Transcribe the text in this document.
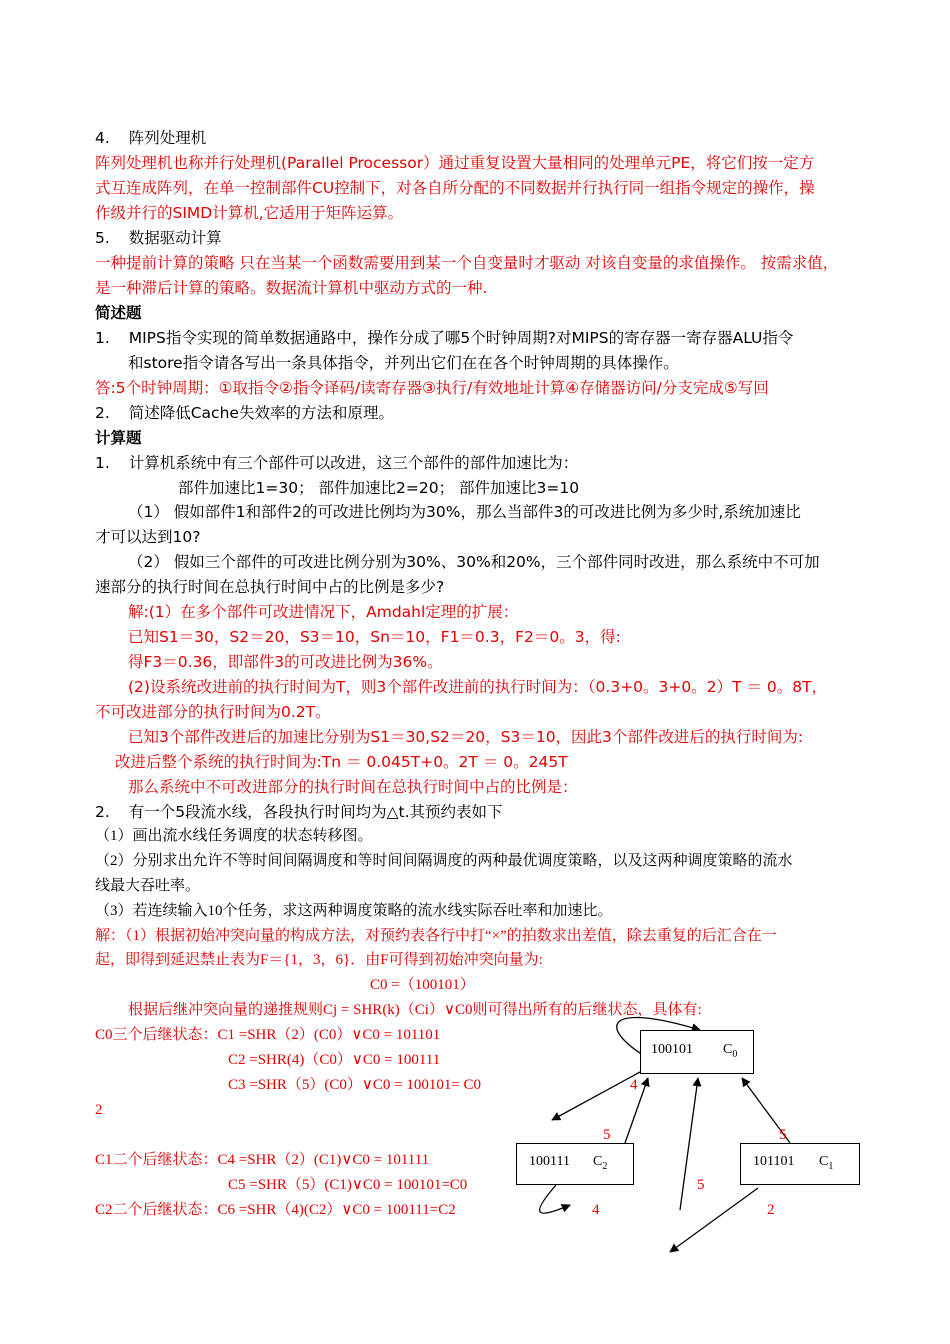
4. 阵列处理机
阵列处理机也称并行处理机(Parallel Processor）通过重复设置大量相同的处理单元PE，将它们按一定方
式互连成阵列，在单一控制部件CU控制下，对各自所分配的不同数据并行执行同一组指令规定的操作，操
作级并行的SIMD计算机,它适用于矩阵运算。
5. 数据驱动计算
一种提前计算的策略 只在当某一个函数需要用到某一个自变量时才驱动 对该自变量的求值操作。 按需求值，
是一种滞后计算的策略。数据流计算机中驱动方式的一种.
简述题
1. MIPS指令实现的简单数据通路中，操作分成了哪5个时钟周期?对MIPS的寄存器一寄存器ALU指令
和store指令请各写出一条具体指令，并列出它们在在各个时钟周期的具体操作。
答:5个时钟周期：①取指令②指令译码/读寄存器③执行/有效地址计算④存储器访问/分支完成⑤写回
2. 简述降低Cache失效率的方法和原理。
计算题
1. 计算机系统中有三个部件可以改进，这三个部件的部件加速比为：
部件加速比1=30； 部件加速比2=20； 部件加速比3=10
（1） 假如部件1和部件2的可改进比例均为30%，那么当部件3的可改进比例为多少时,系统加速比
才可以达到10?
（2） 假如三个部件的可改进比例分别为30%、30%和20%，三个部件同时改进，那么系统中不可加
速部分的执行时间在总执行时间中占的比例是多少?
解:(1）在多个部件可改进情况下，Amdahl定理的扩展：
已知S1＝30，S2＝20，S3＝10，Sn＝10，F1＝0.3，F2＝0。3，得:
得F3＝0.36，即部件3的可改进比例为36%。
(2)设系统改进前的执行时间为T，则3个部件改进前的执行时间为：（0.3+0。3+0。2）T ＝ 0。8T，
不可改进部分的执行时间为0.2T。
已知3个部件改进后的加速比分别为S1＝30,S2＝20，S3＝10，因此3个部件改进后的执行时间为:
改进后整个系统的执行时间为:Tn ＝ 0.045T+0。2T ＝ 0。245T
那么系统中不可改进部分的执行时间在总执行时间中占的比例是：
2. 有一个5段流水线，各段执行时间均为△t.其预约表如下
（1）画出流水线任务调度的状态转移图。
（2）分别求出允许不等时间间隔调度和等时间间隔调度的两种最优调度策略，以及这两种调度策略的流水
线最大吞吐率。
（3）若连续输入10个任务，求这两种调度策略的流水线实际吞吐率和加速比。
解：（1）根据初始冲突向量的构成方法，对预约表各行中打“×”的拍数求出差值，除去重复的后汇合在一
起，即得到延迟禁止表为F＝{1，3，6}．由F可得到初始冲突向量为:
C0 =（100101）
根据后继冲突向量的递推规则Cj = SHR(k)（Ci）∨C0则可得出所有的后继状态，具体有:
C0三个后继状态：C1 =SHR（2）(C0）∨C0 = 101101
C2 =SHR(4)（C0）∨C0 = 100111
C3 =SHR（5）(C0）∨C0 = 100101= C0
2
C1二个后继状态：C4 =SHR（2）(C1)∨C0 = 101111
C5 =SHR（5）(C1)∨C0 = 100101=C0
C2二个后继状态：C6 =SHR（4)(C2）∨C0 = 100111=C2
100101 $C_0$
100111 $C_2$	101101 $C_1$
4
5	5
5
4	2
